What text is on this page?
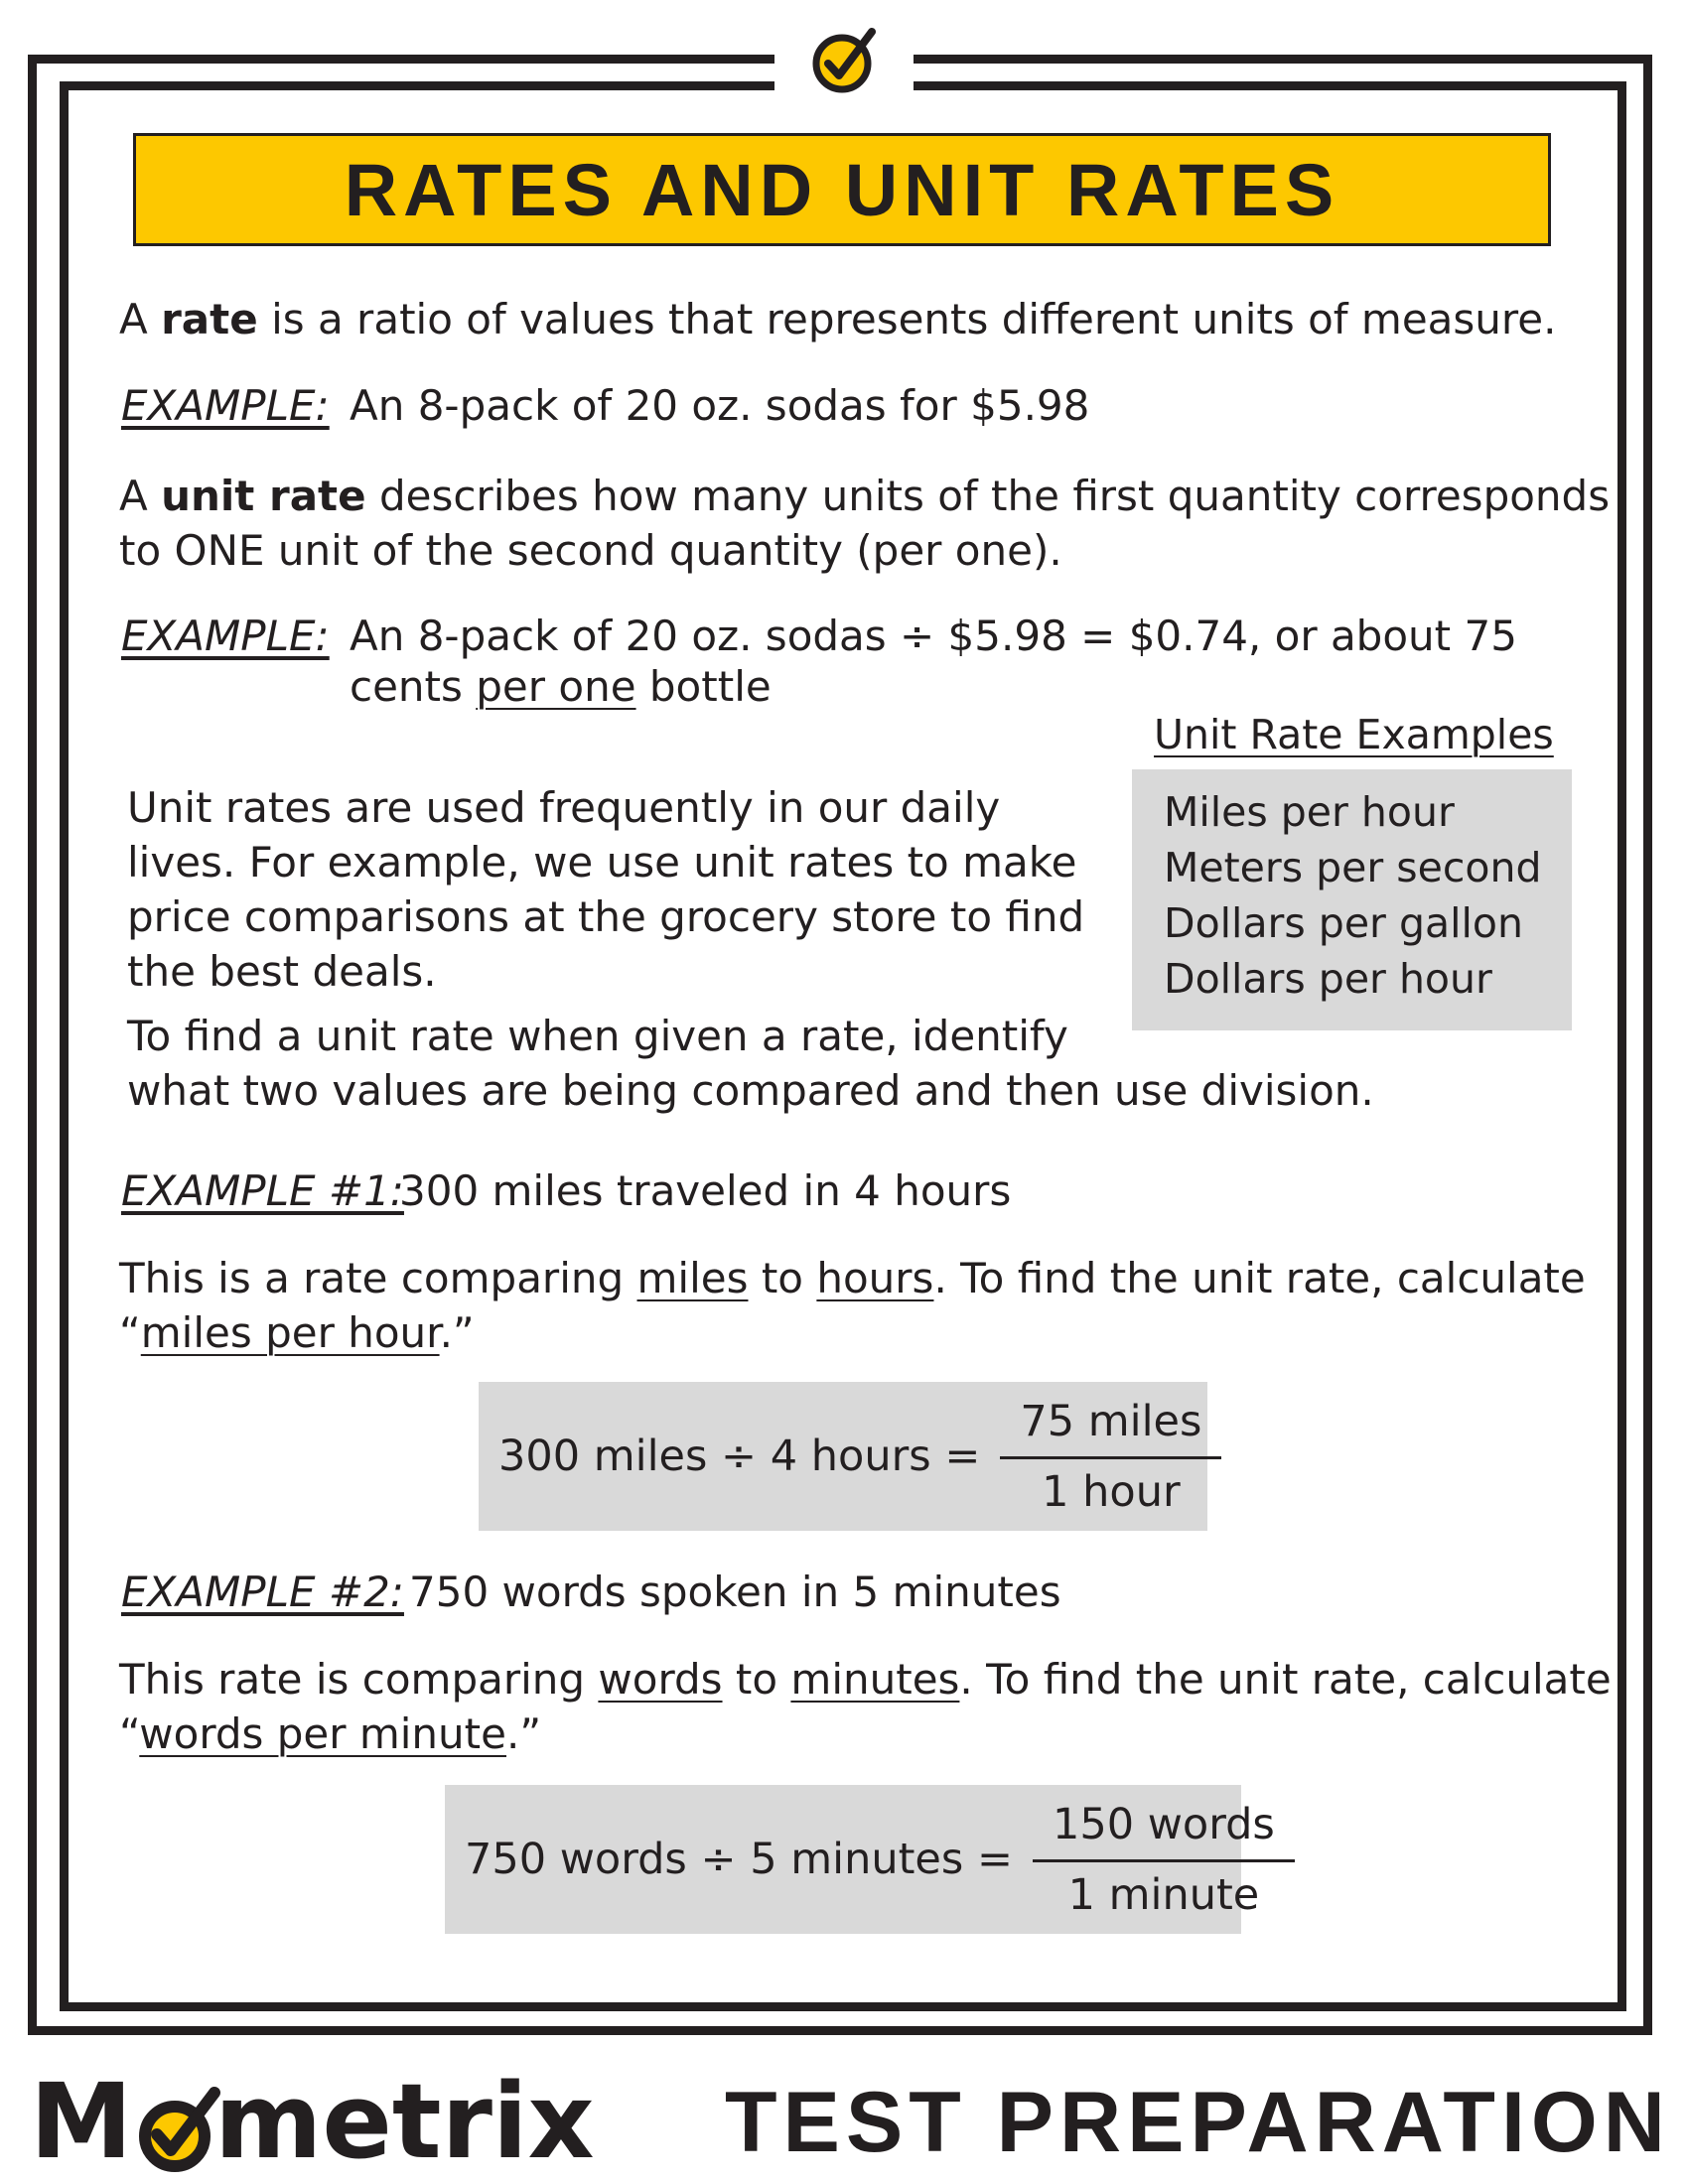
RATES AND UNIT RATES
A rate is a ratio of values that represents different units of measure.
EXAMPLE: An 8-pack of 20 oz. sodas for $5.98
A unit rate describes how many units of the first quantity corresponds
to ONE unit of the second quantity (per one).
EXAMPLE: An 8-pack of 20 oz. sodas ÷ $5.98 = $0.74, or about 75
cents per one bottle
Unit Rate Examples
Miles per hour
Meters per second
Dollars per gallon
Dollars per hour
Unit rates are used frequently in our daily
lives. For example, we use unit rates to make
price comparisons at the grocery store to find
the best deals.
To find a unit rate when given a rate, identify
what two values are being compared and then use division.
EXAMPLE #1:
300 miles traveled in 4 hours
This is a rate comparing miles to hours. To find the unit rate, calculate
“miles per hour.”
300 miles ÷ 4 hours = $\frac{\text{75 miles}}{\text{1 hour}}$
EXAMPLE #2: 750 words spoken in 5 minutes
This rate is comparing words to minutes. To find the unit rate, calculate
“words per minute.”
750 words ÷ 5 minutes = $\frac{\text{150 words}}{\text{1 minute}}$
M metrix TEST PREPARATION
